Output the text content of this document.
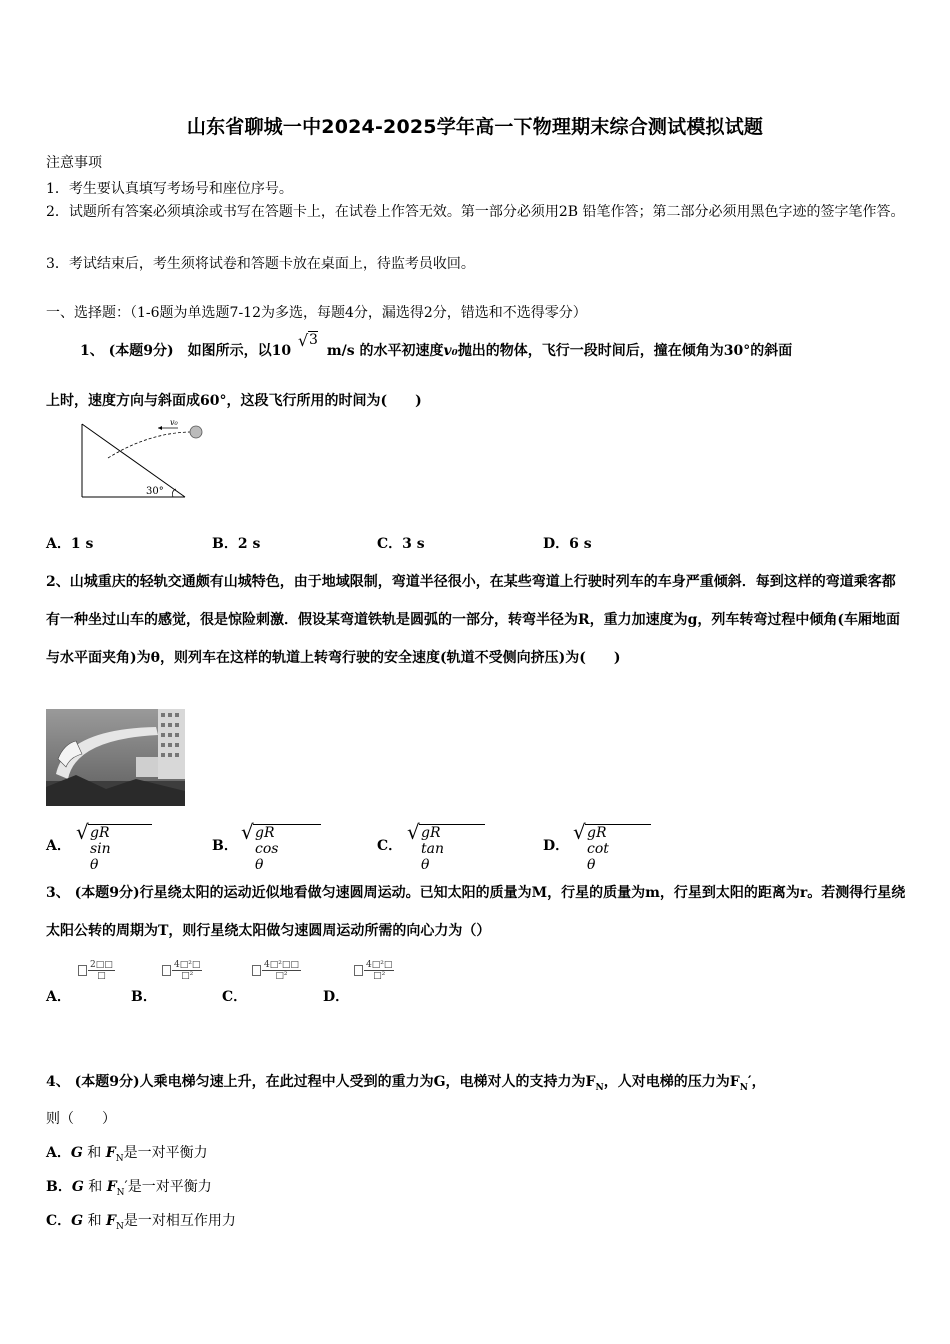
山东省聊城一中2024-2025学年高一下物理期末综合测试模拟试题
注意事项
1．考生要认真填写考场号和座位序号。
2．试题所有答案必须填涂或书写在答题卡上，在试卷上作答无效。第一部分必须用2B 铅笔作答；第二部分必须用黑色字迹的签字笔作答。
3．考试结束后，考生须将试卷和答题卡放在桌面上，待监考员收回。
一、选择题：（1-6题为单选题7-12为多选，每题4分，漏选得2分，错选和不选得零分）
1、 (本题9分)　如图所示，以10
√ 3
m/s 的水平初速度v₀抛出的物体，飞行一段时间后，撞在倾角为30°的斜面
上时，速度方向与斜面成60°，这段飞行所用的时间为(　　)
v₀
30°
A．1 s	B．2 s	C．3 s	D．6 s
2、山城重庆的轻轨交通颇有山城特色，由于地域限制，弯道半径很小，在某些弯道上行驶时列车的车身严重倾斜．每到这样的弯道乘客都有一种坐过山车的感觉，很是惊险刺激．假设某弯道铁轨是圆弧的一部分，转弯半径为R，重力加速度为g，列车转弯过程中倾角(车厢地面与水平面夹角)为θ，则列车在这样的轨道上转弯行驶的安全速度(轨道不受侧向挤压)为(　　)
A．
√ gR sin θ
B．
√ gR cos θ
C．
√ gR tan θ
D．
√ gR cot θ
3、 (本题9分)行星绕太阳的运动近似地看做匀速圆周运动。已知太阳的质量为M，行星的质量为m，行星到太阳的距离为r。若测得行星绕太阳公转的周期为T，则行星绕太阳做匀速圆周运动所需的向心力为（）
A．
2□□
□
B．
4□²□
□²
C．
4□²□□
□²
D．
4□²□
□²
4、 (本题9分)人乘电梯匀速上升，在此过程中人受到的重力为G，电梯对人的支持力为$F_N$，人对电梯的压力为$F_N'$，
则（　　）
A．G 和 $F_N$是一对平衡力
B．G 和 $F_N'$是一对平衡力
C．G 和 $F_N$是一对相互作用力
